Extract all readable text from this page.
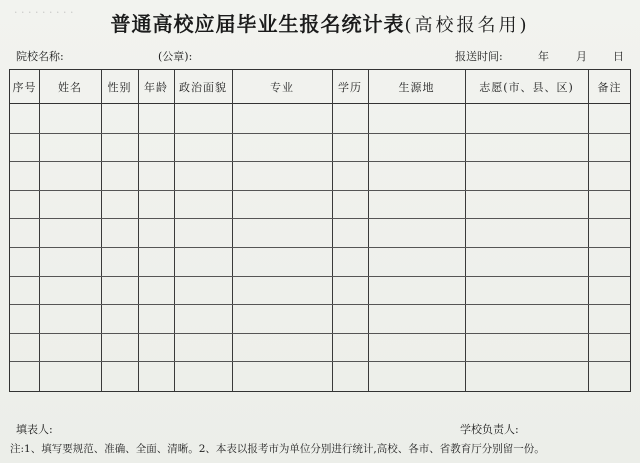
普通高校应届毕业生报名统计表(高校报名用)
· · · · · · · · ·
院校名称:	(公章):	报送时间:	年 月 日
序号	姓名	性别	年龄	政治面貌	专业	学历	生源地	志愿(市、县、区)	备注
填表人:	学校负责人:
注:1、填写要规范、准确、全面、清晰。2、本表以报考市为单位分别进行统计,高校、各市、省教育厅分别留一份。
